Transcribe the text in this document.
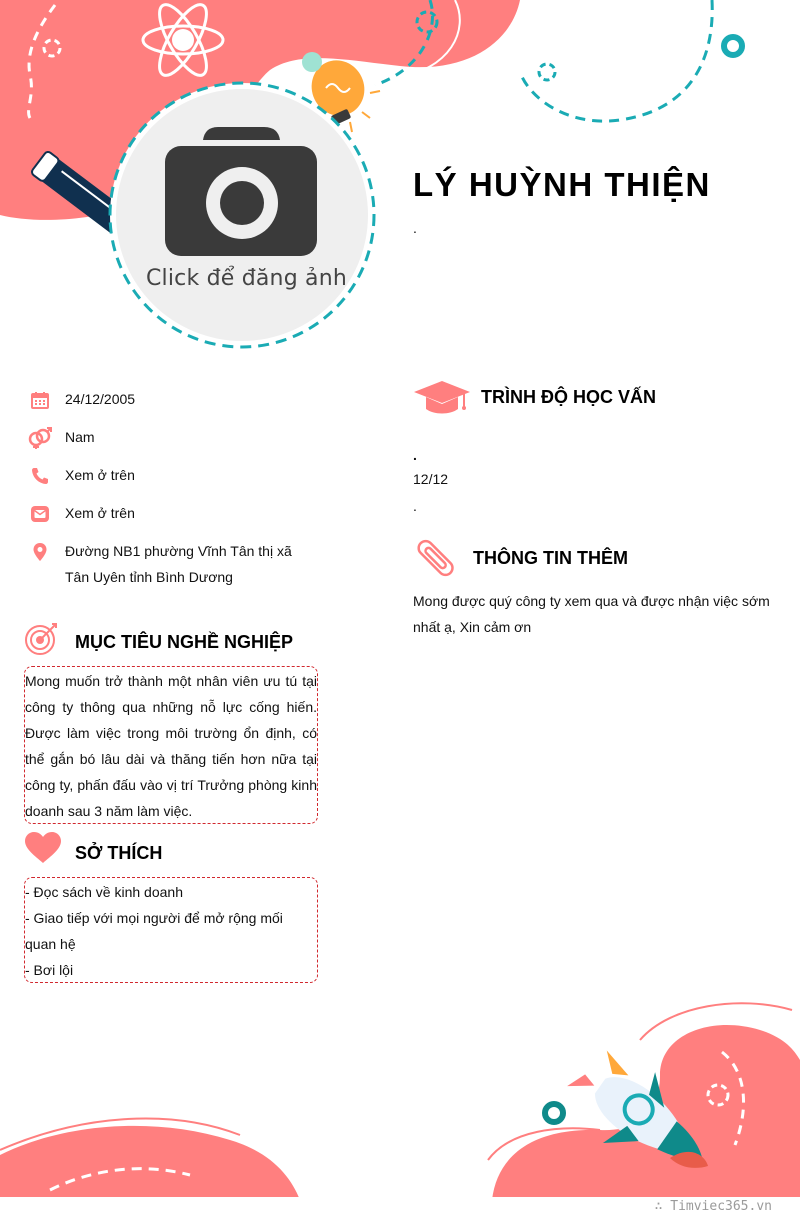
Click để đăng ảnh
LÝ HUỲNH THIỆN
.
24/12/2005
Nam
Xem ở trên
Xem ở trên
Đường NB1 phường Vĩnh Tân thị xã Tân Uyên tỉnh Bình Dương
MỤC TIÊU NGHỀ NGHIỆP
Mong muốn trở thành một nhân viên ưu tú tại công ty thông qua những nỗ lực cống hiến. Được làm việc trong môi trường ổn định, có thể gắn bó lâu dài và thăng tiến hơn nữa tại công ty, phấn đấu vào vị trí Trưởng phòng kinh doanh sau 3 năm làm việc.
SỞ THÍCH
- Đọc sách về kinh doanh
- Giao tiếp với mọi người để mở rộng mối quan hệ
- Bơi lội
TRÌNH ĐỘ HỌC VẤN
.
12/12
.
THÔNG TIN THÊM
Mong được quý công ty xem qua và được nhận việc sớm nhất ạ, Xin cảm ơn
∴ Timviec365.vn
